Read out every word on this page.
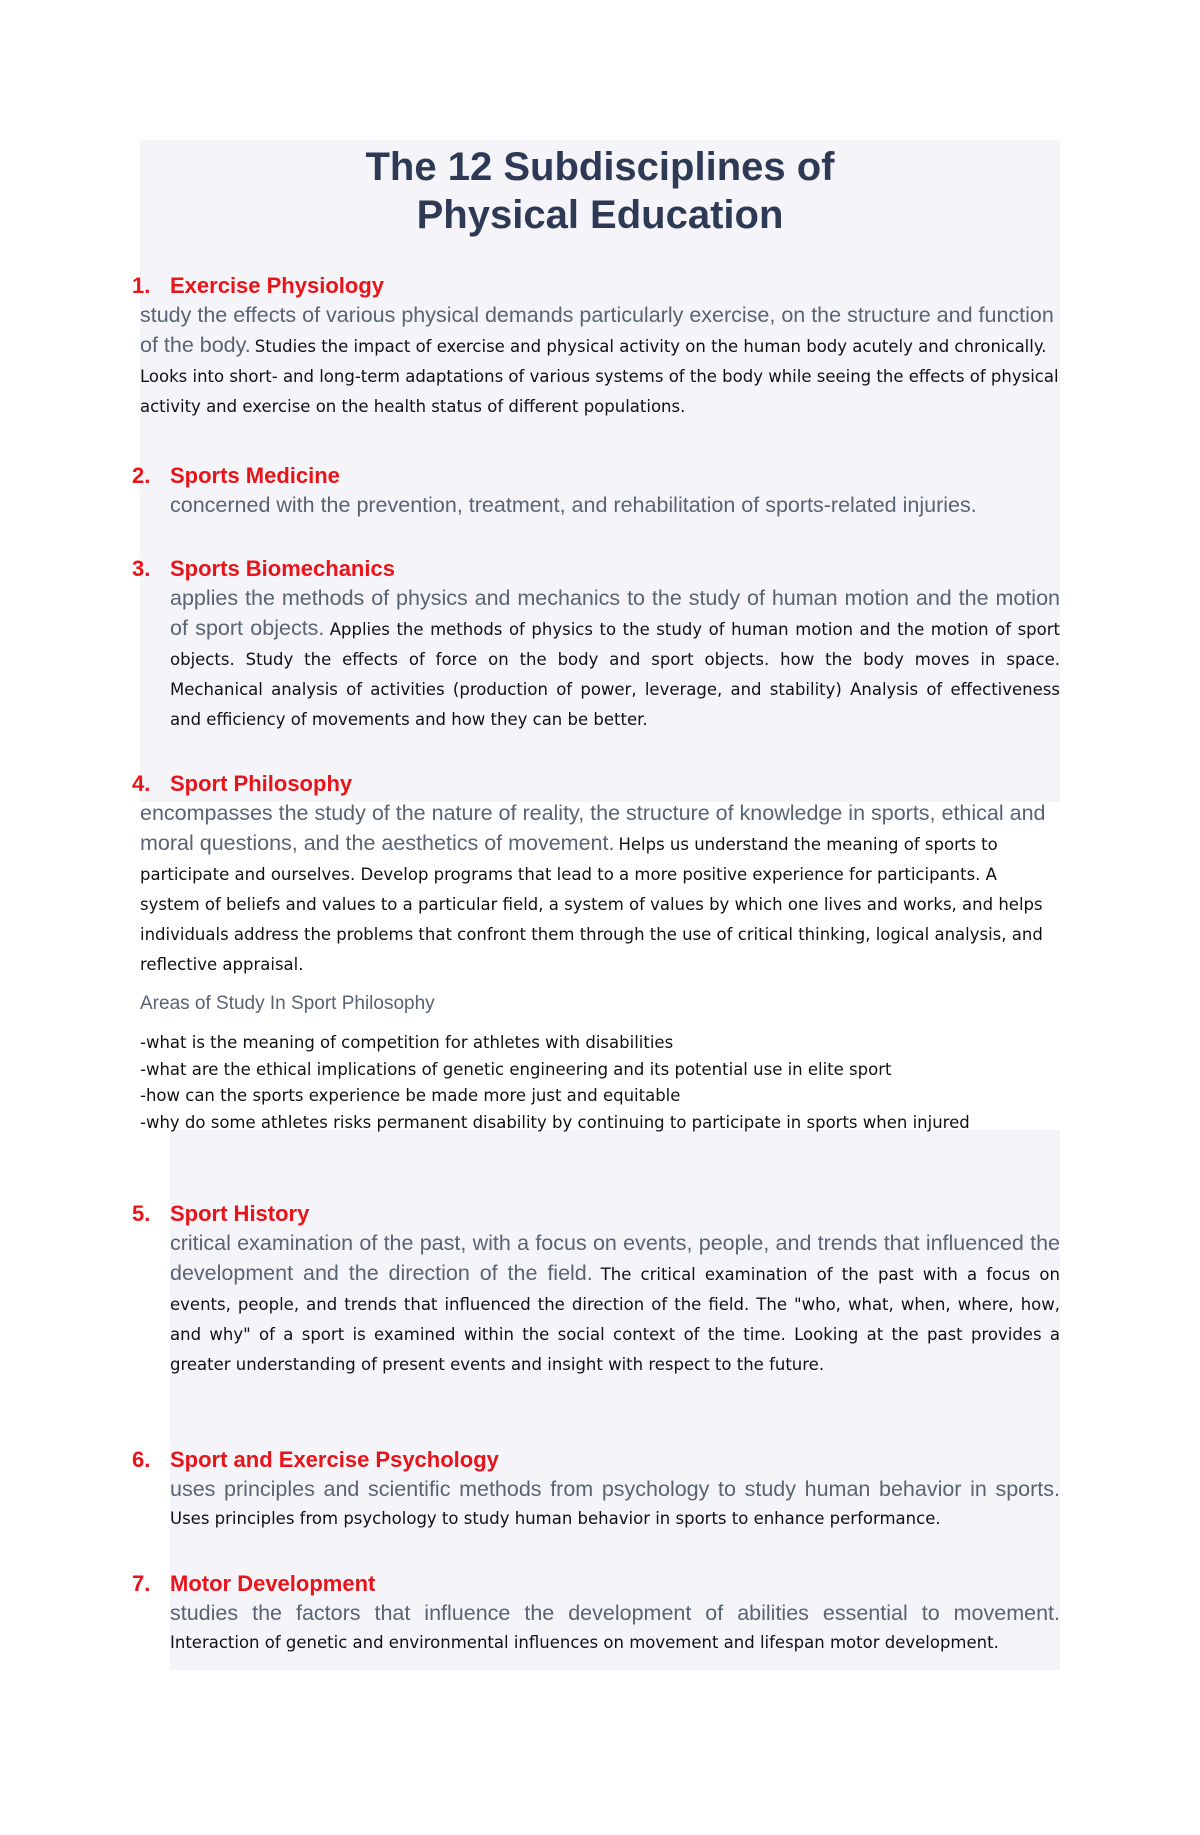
The 12 Subdisciplines of
Physical Education
1. Exercise Physiology

study the effects of various physical demands particularly exercise, on the structure and function of the body. Studies the impact of exercise and physical activity on the human body acutely and chronically. Looks into short- and long-term adaptations of various systems of the body while seeing the effects of physical activity and exercise on the health status of different populations.

2. Sports Medicine

concerned with the prevention, treatment, and rehabilitation of sports-related injuries.

3. Sports Biomechanics

applies the methods of physics and mechanics to the study of human motion and the motion of sport objects. Applies the methods of physics to the study of human motion and the motion of sport objects. Study the effects of force on the body and sport objects. how the body moves in space. Mechanical analysis of activities (production of power, leverage, and stability) Analysis of effectiveness and efficiency of movements and how they can be better.

4. Sport Philosophy

encompasses the study of the nature of reality, the structure of knowledge in sports, ethical and moral questions, and the aesthetics of movement. Helps us understand the meaning of sports to participate and ourselves. Develop programs that lead to a more positive experience for participants. A system of beliefs and values to a particular field, a system of values by which one lives and works, and helps individuals address the problems that confront them through the use of critical thinking, logical analysis, and reflective appraisal.

Areas of Study In Sport Philosophy
-what is the meaning of competition for athletes with disabilities
-what are the ethical implications of genetic engineering and its potential use in elite sport
-how can the sports experience be made more just and equitable
-why do some athletes risks permanent disability by continuing to participate in sports when injured
5. Sport History

critical examination of the past, with a focus on events, people, and trends that influenced the development and the direction of the field. The critical examination of the past with a focus on events, people, and trends that influenced the direction of the field. The "who, what, when, where, how, and why" of a sport is examined within the social context of the time. Looking at the past provides a greater understanding of present events and insight with respect to the future.

6. Sport and Exercise Psychology

uses principles and scientific methods from psychology to study human behavior in sports. Uses principles from psychology to study human behavior in sports to enhance performance.

7. Motor Development

studies the factors that influence the development of abilities essential to movement. Interaction of genetic and environmental influences on movement and lifespan motor development.
